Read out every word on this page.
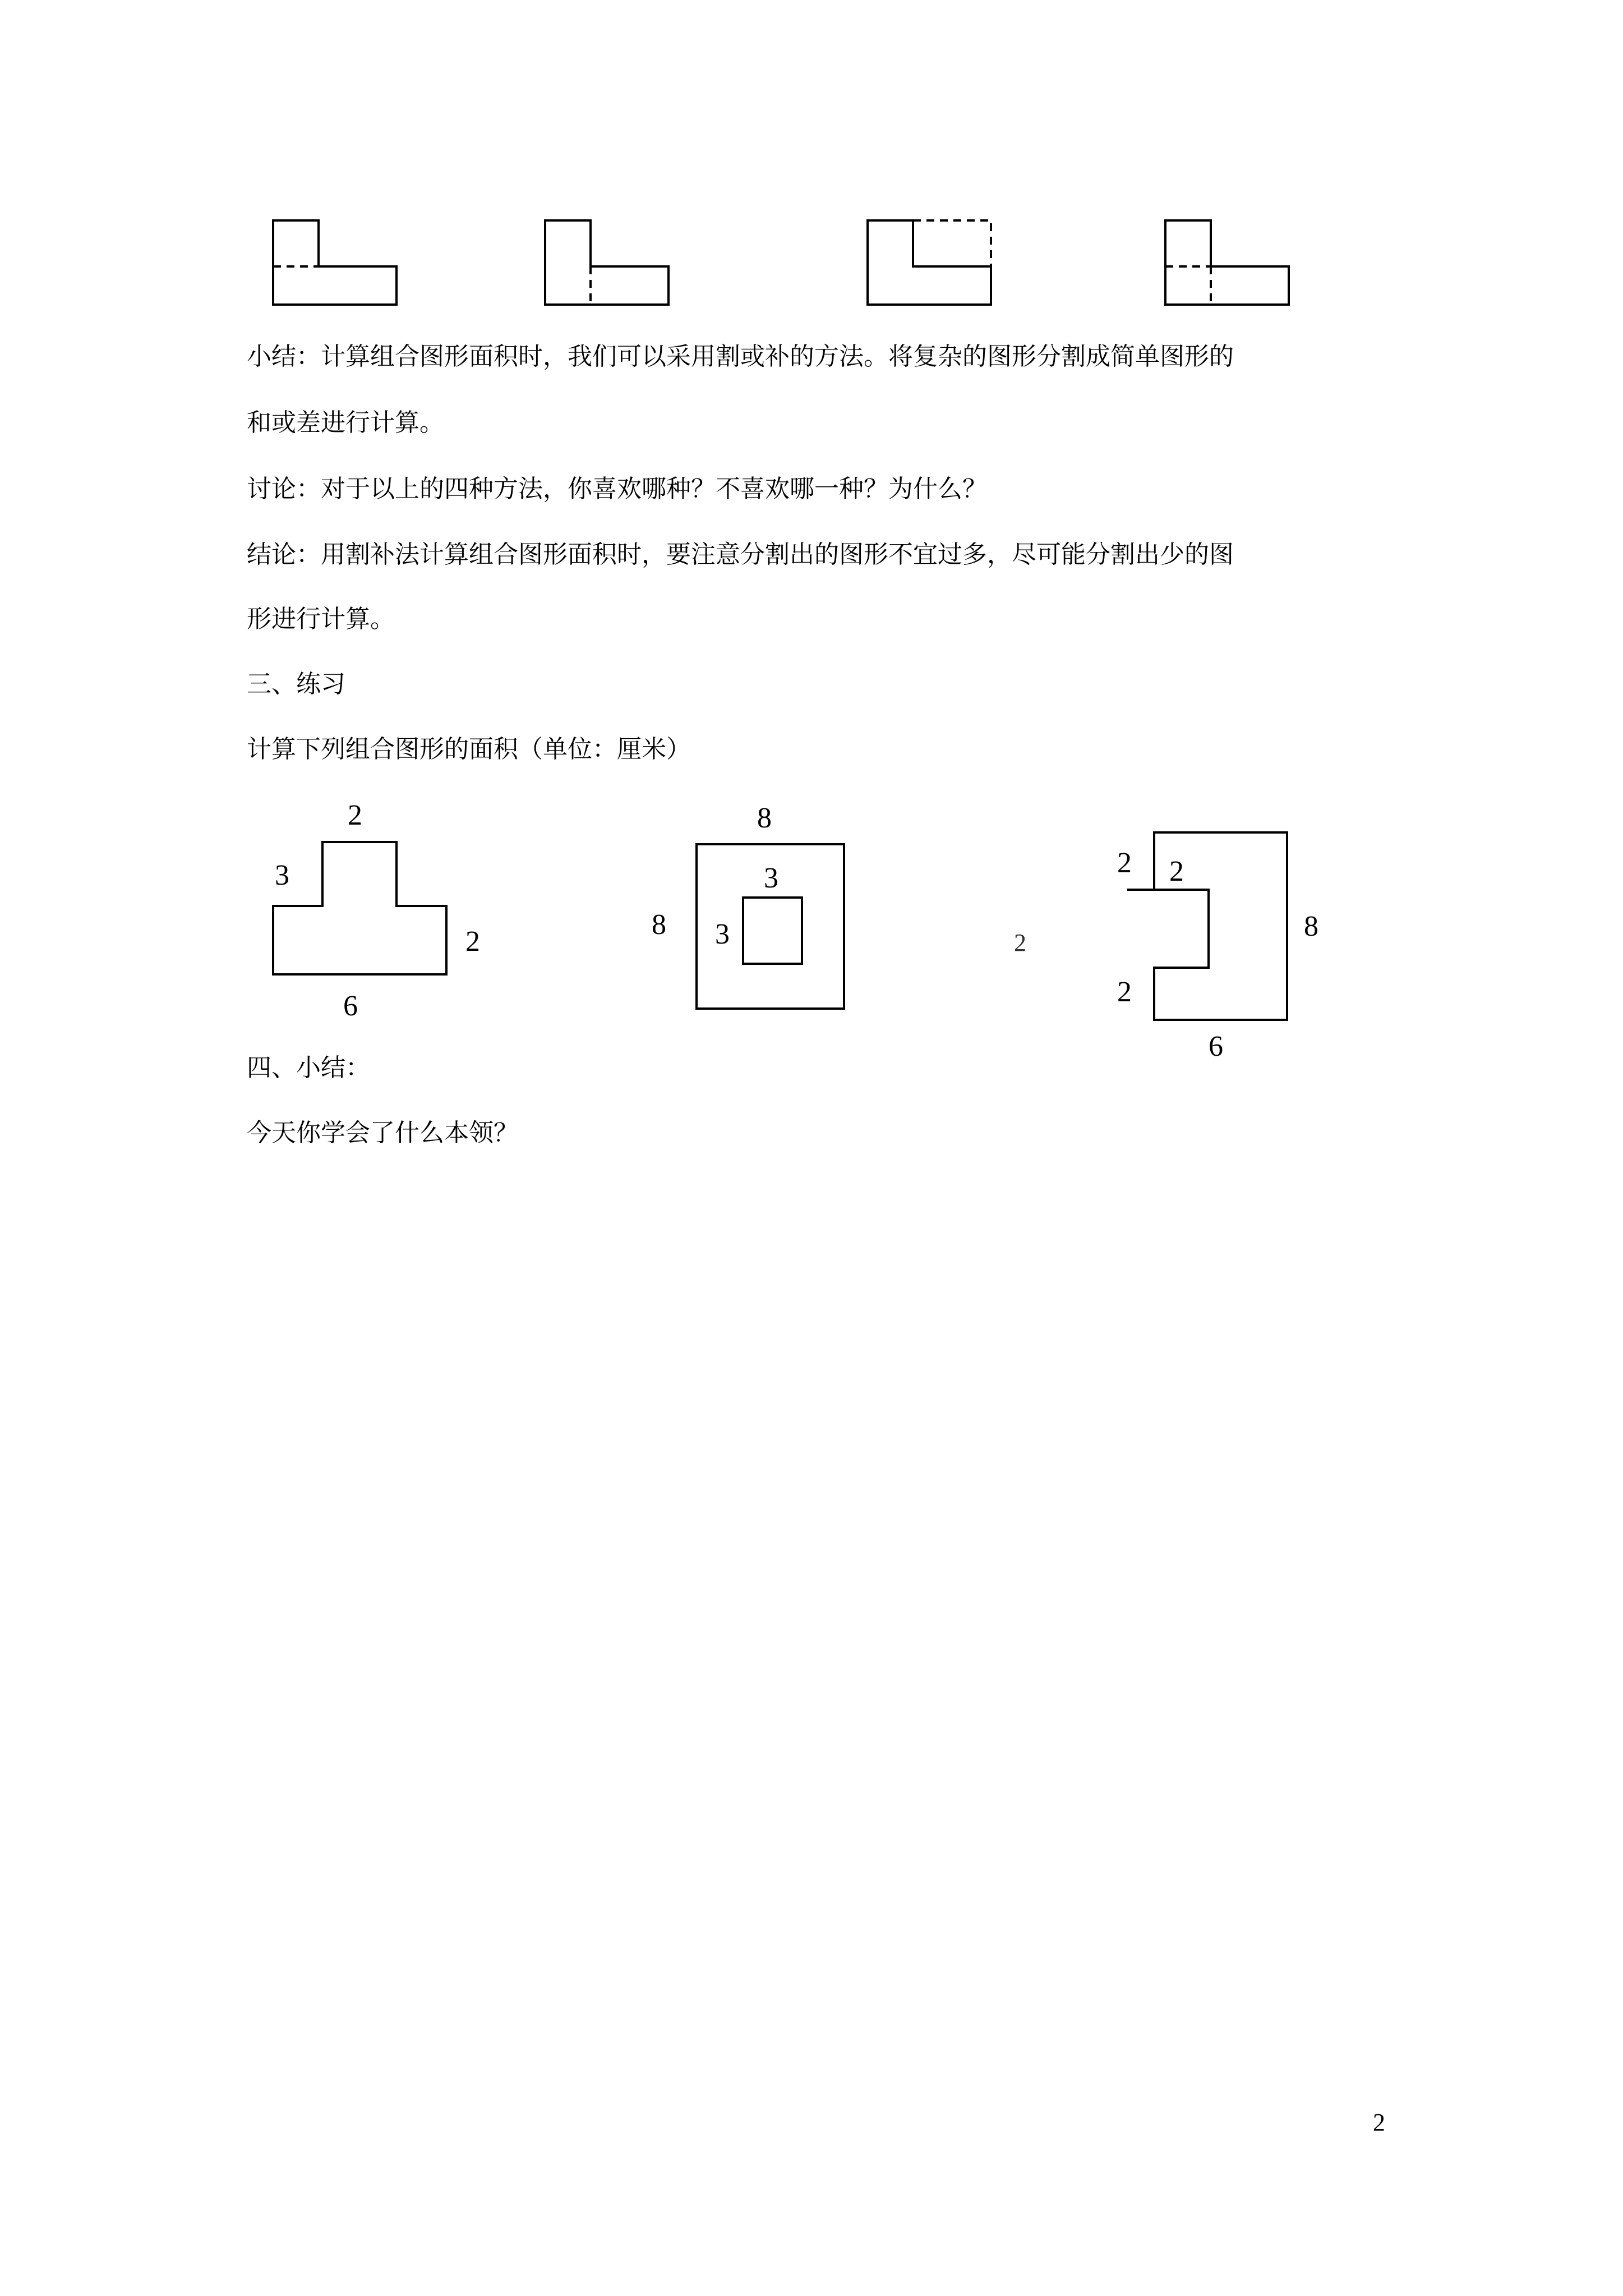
小结：计算组合图形面积时，我们可以采用割或补的方法。将复杂的图形分割成简单图形的
和或差进行计算。
讨论：对于以上的四种方法，你喜欢哪种？不喜欢哪一种？为什么？
结论：用割补法计算组合图形面积时，要注意分割出的图形不宜过多，尽可能分割出少的图
形进行计算。
三、练习
计算下列组合图形的面积（单位：厘米）
2
3
2
6
8
8
3
3	2
2 2
8
2
6
四、小结：
今天你学会了什么本领？
2
